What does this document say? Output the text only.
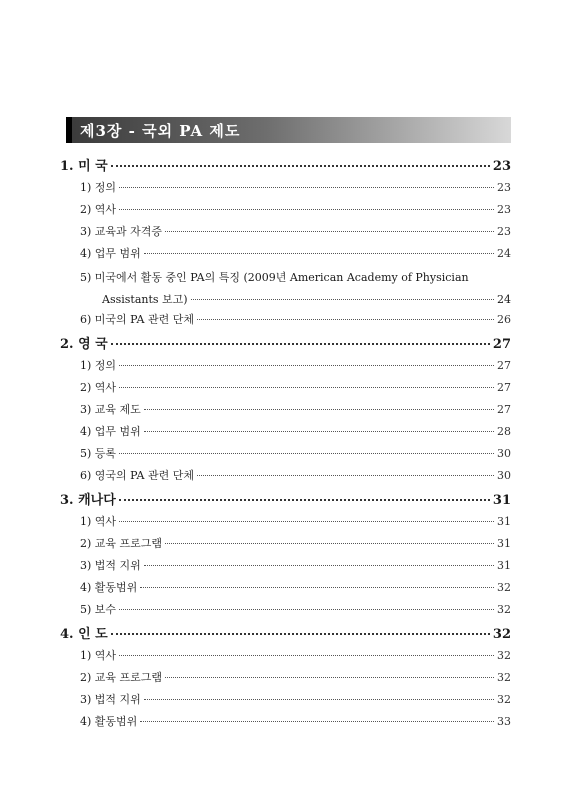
제3장 - 국외 PA 제도
1. 미 국	23
1) 정의	23
2) 역사	23
3) 교육과 자격증	23
4) 업무 범위	24
5) 미국에서 활동 중인 PA의 특징 (2009년 American Academy of Physician
Assistants 보고)	24
6) 미국의 PA 관련 단체	26
2. 영 국	27
1) 정의	27
2) 역사	27
3) 교육 제도	27
4) 업무 범위	28
5) 등록	30
6) 영국의 PA 관련 단체	30
3. 캐나다	31
1) 역사	31
2) 교육 프로그램	31
3) 법적 지위	31
4) 활동범위	32
5) 보수	32
4. 인 도	32
1) 역사	32
2) 교육 프로그램	32
3) 법적 지위	32
4) 활동범위	33
